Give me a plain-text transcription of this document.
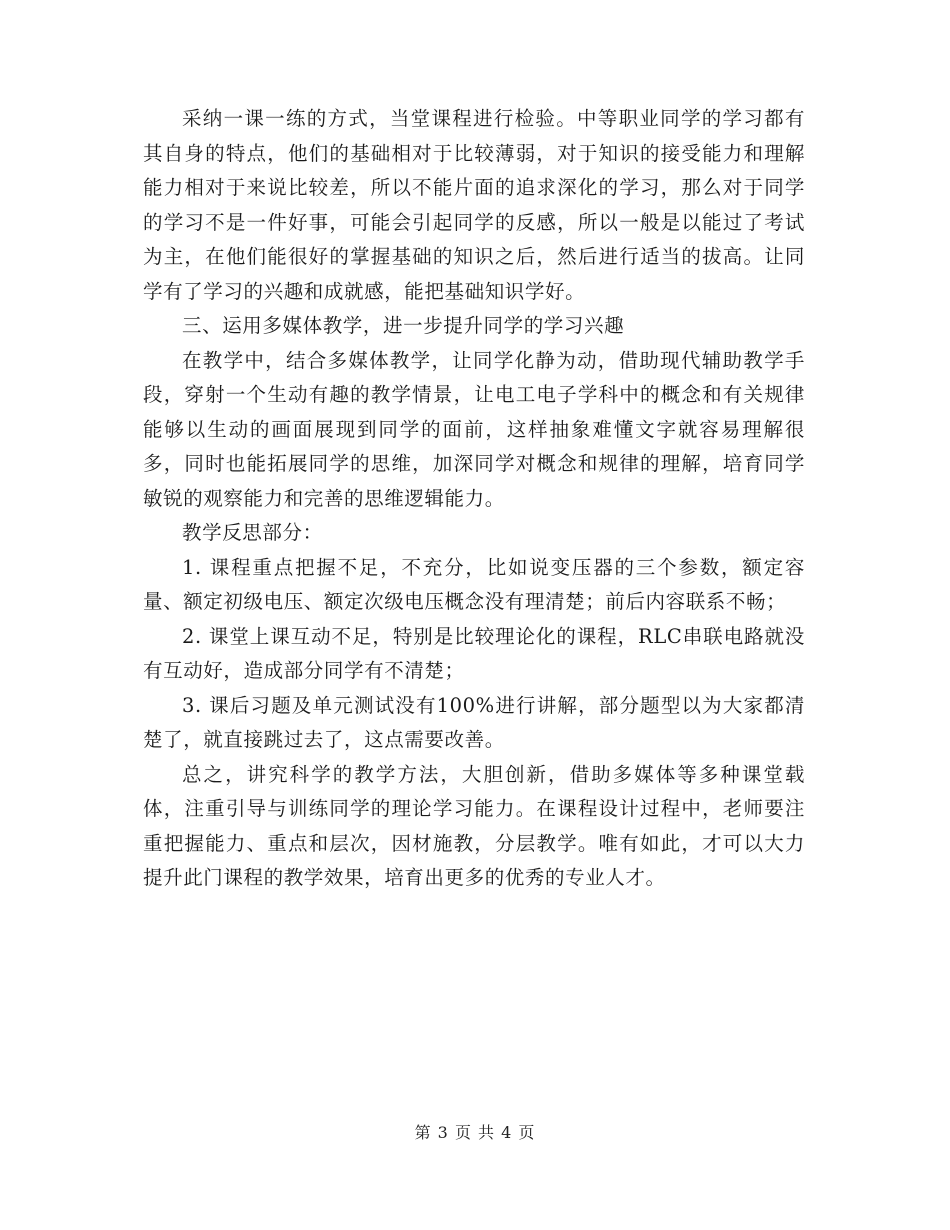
采纳一课一练的方式，当堂课程进行检验。中等职业同学的学习都有其自身的特点，他们的基础相对于比较薄弱，对于知识的接受能力和理解能力相对于来说比较差，所以不能片面的追求深化的学习，那么对于同学的学习不是一件好事，可能会引起同学的反感，所以一般是以能过了考试为主，在他们能很好的掌握基础的知识之后，然后进行适当的拔高。让同学有了学习的兴趣和成就感，能把基础知识学好。

三、运用多媒体教学，进一步提升同学的学习兴趣

在教学中，结合多媒体教学，让同学化静为动，借助现代辅助教学手段，穿射一个生动有趣的教学情景，让电工电子学科中的概念和有关规律能够以生动的画面展现到同学的面前，这样抽象难懂文字就容易理解很多，同时也能拓展同学的思维，加深同学对概念和规律的理解，培育同学敏锐的观察能力和完善的思维逻辑能力。

教学反思部分：

1. 课程重点把握不足，不充分，比如说变压器的三个参数，额定容量、额定初级电压、额定次级电压概念没有理清楚；前后内容联系不畅；

2. 课堂上课互动不足，特别是比较理论化的课程，RLC串联电路就没有互动好，造成部分同学有不清楚；

3. 课后习题及单元测试没有100%进行讲解，部分题型以为大家都清楚了，就直接跳过去了，这点需要改善。

总之，讲究科学的教学方法，大胆创新，借助多媒体等多种课堂载体，注重引导与训练同学的理论学习能力。在课程设计过程中，老师要注重把握能力、重点和层次，因材施教，分层教学。唯有如此，才可以大力提升此门课程的教学效果，培育出更多的优秀的专业人才。

第 3 页 共 4 页
